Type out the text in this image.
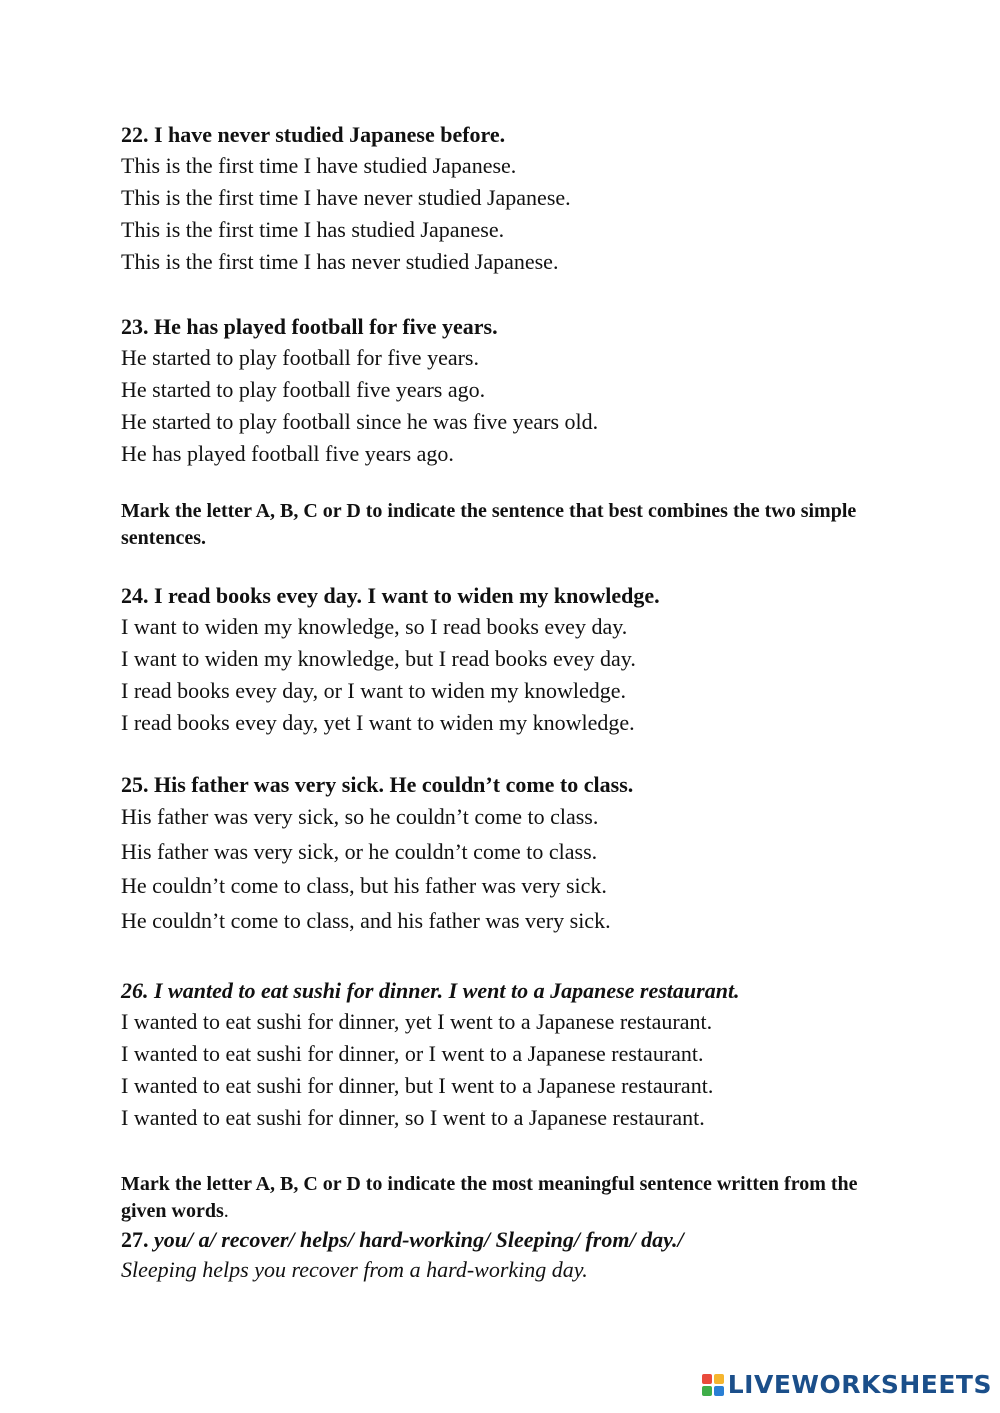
22. I have never studied Japanese before.

This is the first time I have studied Japanese.

This is the first time I have never studied Japanese.

This is the first time I has studied Japanese.

This is the first time I has never studied Japanese.

23. He has played football for five years.

He started to play football for five years.

He started to play football five years ago.

He started to play football since he was five years old.

He has played football five years ago.

Mark the letter A, B, C or D to indicate the sentence that best combines the two simple sentences.

24. I read books evey day. I want to widen my knowledge.

I want to widen my knowledge, so I read books evey day.

I want to widen my knowledge, but I read books evey day.

I read books evey day, or I want to widen my knowledge.

I read books evey day, yet I want to widen my knowledge.

25. His father was very sick. He couldn’t come to class.

His father was very sick, so he couldn’t come to class.

His father was very sick, or he couldn’t come to class.

He couldn’t come to class, but his father was very sick.

He couldn’t come to class, and his father was very sick.

26. I wanted to eat sushi for dinner. I went to a Japanese restaurant.

I wanted to eat sushi for dinner, yet I went to a Japanese restaurant.

I wanted to eat sushi for dinner, or I went to a Japanese restaurant.

I wanted to eat sushi for dinner, but I went to a Japanese restaurant.

I wanted to eat sushi for dinner, so I went to a Japanese restaurant.

Mark the letter A, B, C or D to indicate the most meaningful sentence written from the given words.

27. you/ a/ recover/ helps/ hard-working/ Sleeping/ from/ day./

Sleeping helps you recover from a hard-working day.

LIVEWORKSHEETS
